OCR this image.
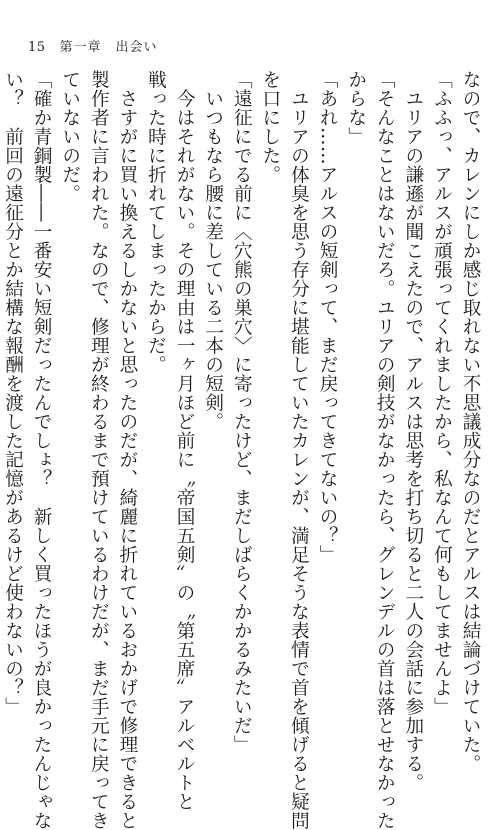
15 第一章　出会い

なので、カレンにしか感じ取れない不思議成分なのだとアルスは結論づけていた。

「ふふっ、アルスが頑張ってくれましたから、私なんて何もしてませんよ」

　ユリアの謙遜が聞こえたので、アルスは思考を打ち切ると二人の会話に参加する。

「そんなことはないだろ。ユリアの剣技がなかったら、グレンデルの首は落とせなかった

からな」

「あれ……アルスの短剣って、まだ戻ってきてないの？」

　ユリアの体臭を思う存分に堪能していたカレンが、満足そうな表情で首を傾げると疑問

を口にした。

「遠征にでる前に〈穴熊の巣穴〉に寄ったけど、まだしばらくかかるみたいだ」

　いつもなら腰に差している二本の短剣。

　今はそれがない。その理由は一ヶ月ほど前に〝帝国五剣〟の〝第五席〟アルベルトと

戦った時に折れてしまったからだ。

　さすがに買い換えるしかないと思ったのだが、綺麗に折れているおかげで修理できると

製作者に言われた。なので、修理が終わるまで預けているわけだが、まだ手元に戻ってき

ていないのだ。

「確か青銅製――一番安い短剣だったんでしょ？　新しく買ったほうが良かったんじゃな

い？　前回の遠征分とか結構な報酬を渡した記憶があるけど使わないの？」
